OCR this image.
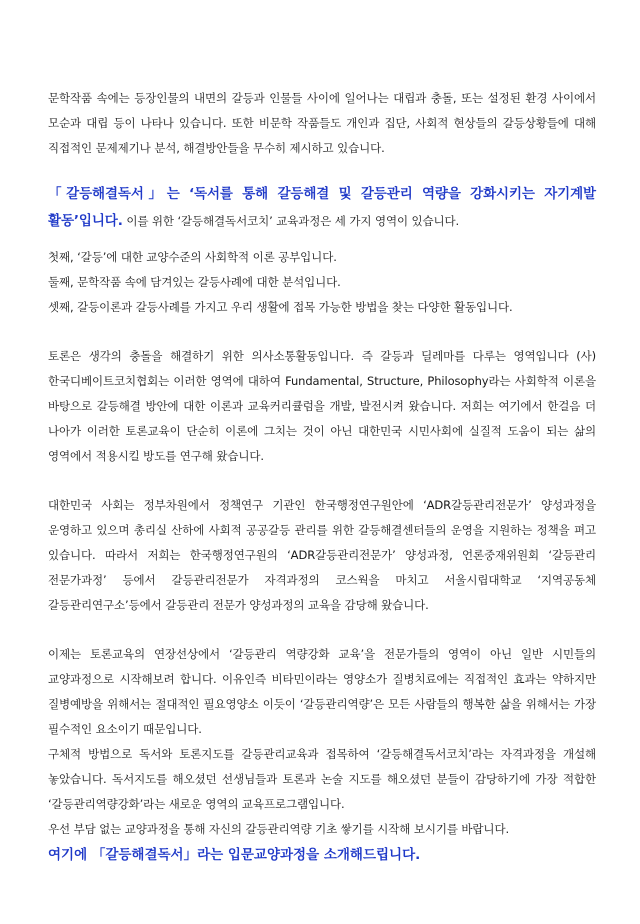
문학작품 속에는 등장인물의 내면의 갈등과 인물들 사이에 일어나는 대립과 충돌, 또는 설정된 환경 사이에서 모순과 대립 등이 나타나 있습니다. 또한 비문학 작품들도 개인과 집단, 사회적 현상들의 갈등상황들에 대해 직접적인 문제제기나 분석, 해결방안들을 무수히 제시하고 있습니다.

「갈등해결독서」는 ‘독서를 통해 갈등해결 및 갈등관리 역량을 강화시키는 자기계발 활동’입니다. 이를 위한 ‘갈등해결독서코치’ 교육과정은 세 가지 영역이 있습니다.

첫째, ‘갈등’에 대한 교양수준의 사회학적 이론 공부입니다.

둘째, 문학작품 속에 담겨있는 갈등사례에 대한 분석입니다.

셋째, 갈등이론과 갈등사례를 가지고 우리 생활에 접목 가능한 방법을 찾는 다양한 활동입니다.

토론은 생각의 충돌을 해결하기 위한 의사소통활동입니다. 즉 갈등과 딜레마를 다루는 영역입니다 (사)한국디베이트코치협회는 이러한 영역에 대하여 Fundamental, Structure, Philosophy라는 사회학적 이론을 바탕으로 갈등해결 방안에 대한 이론과 교육커리큘럼을 개발, 발전시켜 왔습니다. 저희는 여기에서 한걸음 더 나아가 이러한 토론교육이 단순히 이론에 그치는 것이 아닌 대한민국 시민사회에 실질적 도움이 되는 삶의 영역에서 적용시킬 방도를 연구해 왔습니다.

대한민국 사회는 정부차원에서 정책연구 기관인 한국행정연구원안에 ‘ADR갈등관리전문가’ 양성과정을 운영하고 있으며 총리실 산하에 사회적 공공갈등 관리를 위한 갈등해결센터들의 운영을 지원하는 정책을 펴고 있습니다. 따라서 저희는 한국행정연구원의 ‘ADR갈등관리전문가’ 양성과정, 언론중재위원회 ‘갈등관리 전문가과정’ 등에서 갈등관리전문가 자격과정의 코스웍을 마치고 서울시립대학교 ‘지역공동체 갈등관리연구소’등에서 갈등관리 전문가 양성과정의 교육을 감당해 왔습니다.

이제는 토론교육의 연장선상에서 ‘갈등관리 역량강화 교육’을 전문가들의 영역이 아닌 일반 시민들의 교양과정으로 시작해보려 합니다. 이유인즉 비타민이라는 영양소가 질병치료에는 직접적인 효과는 약하지만 질병예방을 위해서는 절대적인 필요영양소 이듯이 ‘갈등관리역량’은 모든 사람들의 행복한 삶을 위해서는 가장 필수적인 요소이기 때문입니다.

구체적 방법으로 독서와 토론지도를 갈등관리교육과 접목하여 ‘갈등해결독서코치’라는 자격과정을 개설해 놓았습니다. 독서지도를 해오셨던 선생님들과 토론과 논술 지도를 해오셨던 분들이 감당하기에 가장 적합한 ‘갈등관리역량강화’라는 새로운 영역의 교육프로그램입니다.

우선 부담 없는 교양과정을 통해 자신의 갈등관리역량 기초 쌓기를 시작해 보시기를 바랍니다.

여기에 「갈등해결독서」라는 입문교양과정을 소개해드립니다.
